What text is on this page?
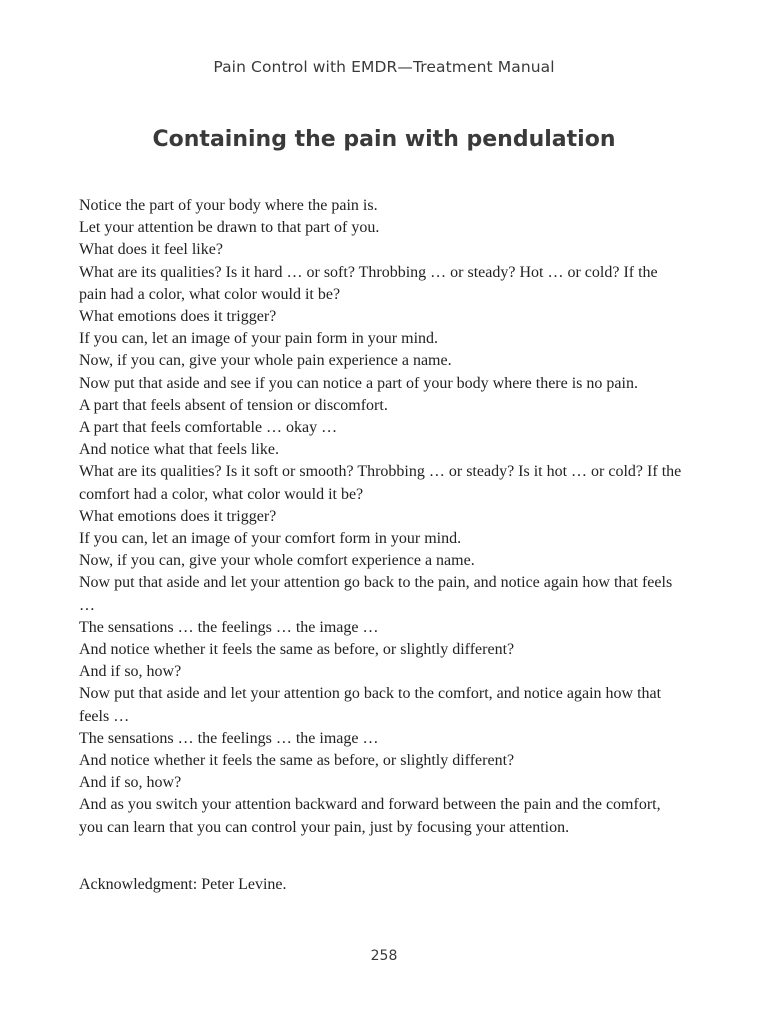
Pain Control with EMDR—Treatment Manual
Containing the pain with pendulation

Notice the part of your body where the pain is.

Let your attention be drawn to that part of you.

What does it feel like?

What are its qualities? Is it hard … or soft? Throbbing … or steady? Hot … or cold? If the pain had a color, what color would it be?

What emotions does it trigger?

If you can, let an image of your pain form in your mind.

Now, if you can, give your whole pain experience a name.

Now put that aside and see if you can notice a part of your body where there is no pain.

A part that feels absent of tension or discomfort.

A part that feels comfortable … okay …

And notice what that feels like.

What are its qualities? Is it soft or smooth? Throbbing … or steady? Is it hot … or cold? If the comfort had a color, what color would it be?

What emotions does it trigger?

If you can, let an image of your comfort form in your mind.

Now, if you can, give your whole comfort experience a name.

Now put that aside and let your attention go back to the pain, and notice again how that feels …

The sensations … the feelings … the image …

And notice whether it feels the same as before, or slightly different?

And if so, how?

Now put that aside and let your attention go back to the comfort, and notice again how that feels …

The sensations … the feelings … the image …

And notice whether it feels the same as before, or slightly different?

And if so, how?

And as you switch your attention backward and forward between the pain and the comfort, you can learn that you can control your pain, just by focusing your attention.

Acknowledgment: Peter Levine.
258
